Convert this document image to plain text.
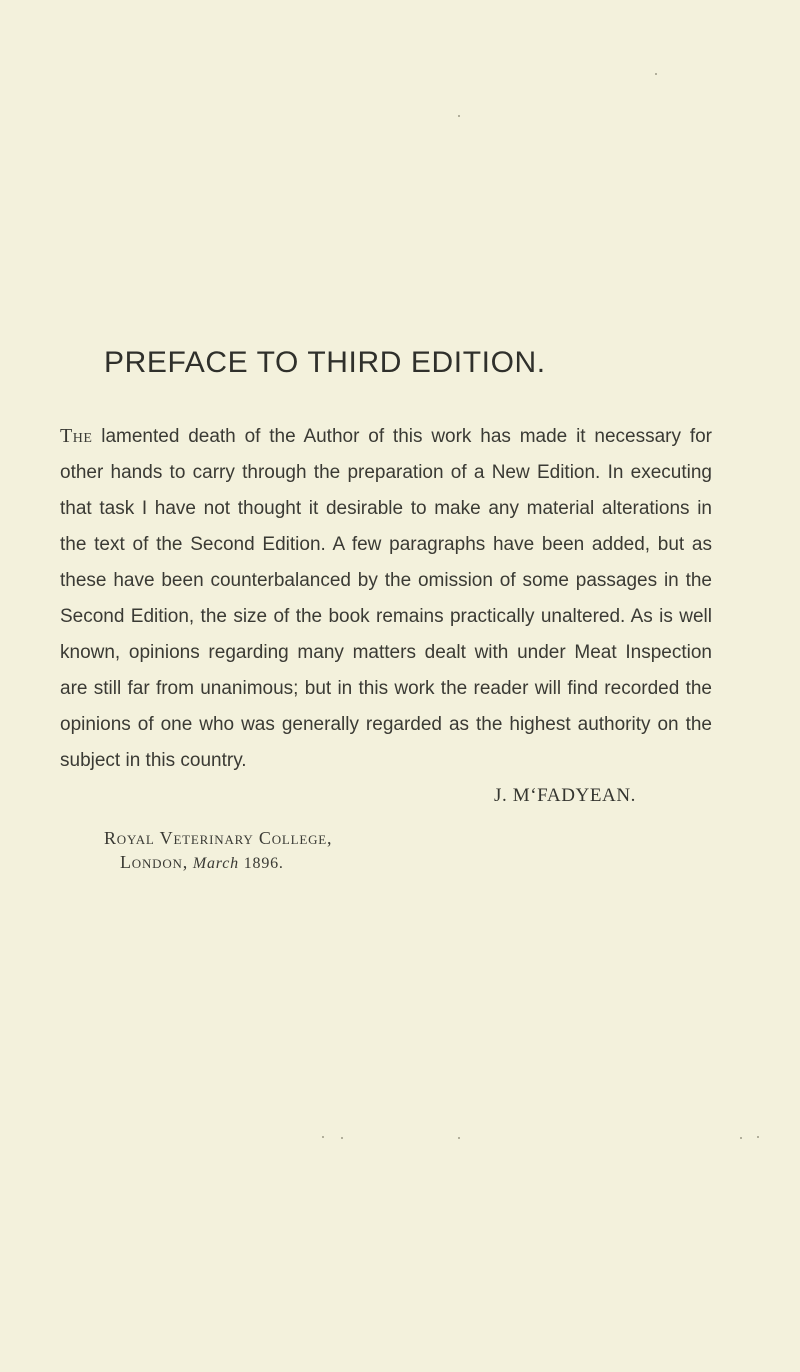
PREFACE TO THIRD EDITION.

The lamented death of the Author of this work has made it necessary for other hands to carry through the preparation of a New Edition. In executing that task I have not thought it desirable to make any material alterations in the text of the Second Edition. A few paragraphs have been added, but as these have been counterbalanced by the omission of some passages in the Second Edition, the size of the book remains practically unaltered. As is well known, opinions regarding many matters dealt with under Meat Inspection are still far from unanimous; but in this work the reader will find recorded the opinions of one who was generally regarded as the highest authority on the subject in this country.

J. M‘FADYEAN.

Royal Veterinary College,
London, March 1896.
